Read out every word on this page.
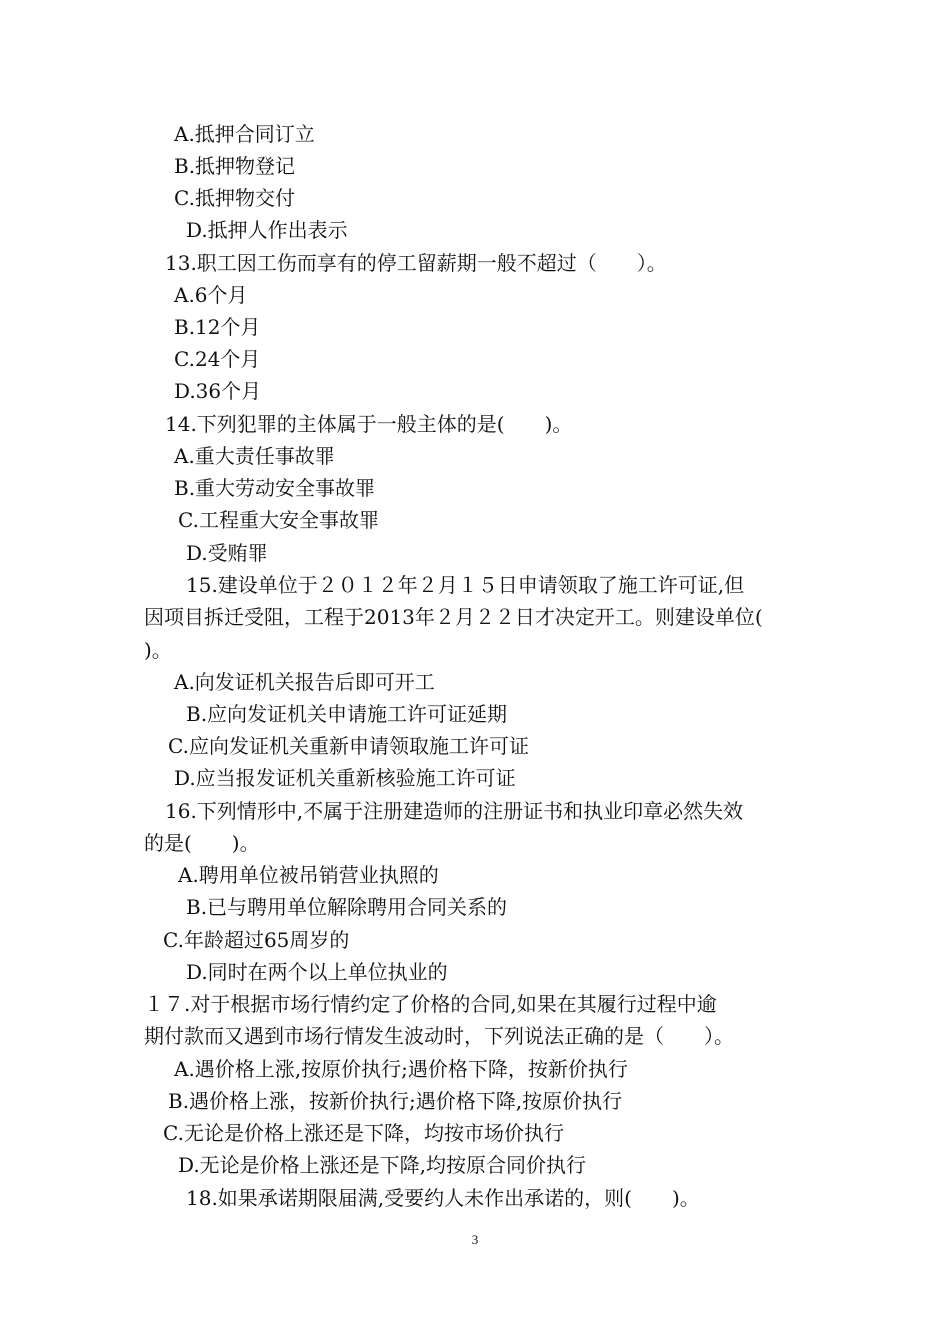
A.抵押合同订立
B.抵押物登记
C.抵押物交付
D.抵押人作出表示
13.职工因工伤而享有的停工留薪期一般不超过（　　）。
A.6个月
B.12个月
C.24个月
D.36个月
14.下列犯罪的主体属于一般主体的是(　　)。
A.重大责任事故罪
B.重大劳动安全事故罪
C.工程重大安全事故罪
D.受贿罪
15.建设单位于２０１２年２月１５日申请领取了施工许可证,但
因项目拆迁受阻，工程于2013年２月２２日才决定开工。则建设单位(
)。
A.向发证机关报告后即可开工
B.应向发证机关申请施工许可证延期
C.应向发证机关重新申请领取施工许可证
D.应当报发证机关重新核验施工许可证
16.下列情形中,不属于注册建造师的注册证书和执业印章必然失效
的是(　　)。
A.聘用单位被吊销营业执照的
B.已与聘用单位解除聘用合同关系的
C.年龄超过65周岁的
D.同时在两个以上单位执业的
１７.对于根据市场行情约定了价格的合同,如果在其履行过程中逾
期付款而又遇到市场行情发生波动时，下列说法正确的是（　　）。
A.遇价格上涨,按原价执行;遇价格下降，按新价执行
B.遇价格上涨，按新价执行;遇价格下降,按原价执行
C.无论是价格上涨还是下降，均按市场价执行
D.无论是价格上涨还是下降,均按原合同价执行
18.如果承诺期限届满,受要约人未作出承诺的，则(　　)。
3
